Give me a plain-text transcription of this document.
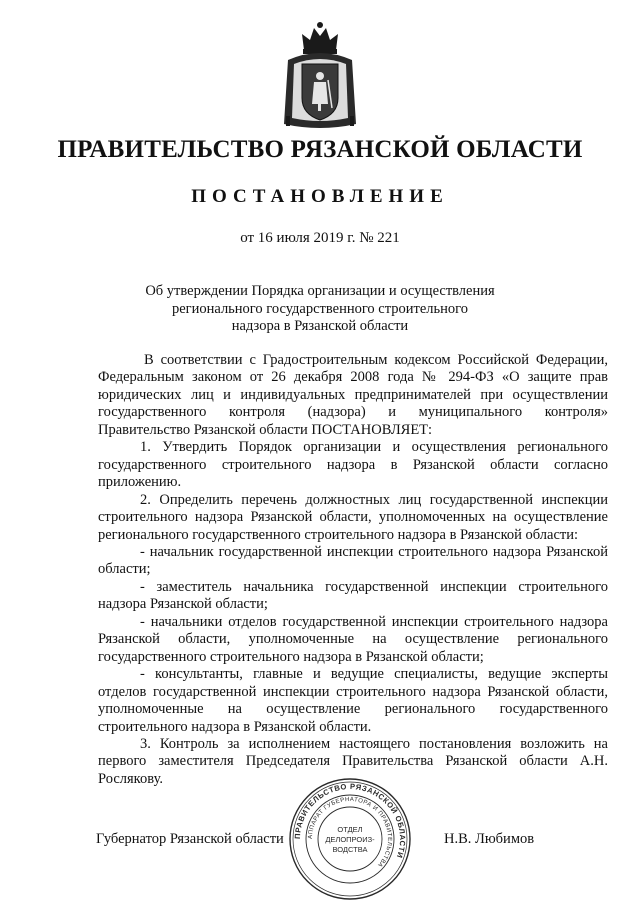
ПРАВИТЕЛЬСТВО РЯЗАНСКОЙ ОБЛАСТИ
ПОСТАНОВЛЕНИЕ
от 16 июля 2019 г. № 221
Об утверждении Порядка организации и осуществления
регионального государственного строительного
надзора в Рязанской области

В соответствии с Градостроительным кодексом Российской Федерации, Федеральным законом от 26 декабря 2008 года № 294-ФЗ «О защите прав юридических лиц и индивидуальных предпринимателей при осуществлении государственного контроля (надзора) и муниципального контроля» Правительство Рязанской области ПОСТАНОВЛЯЕТ:

1. Утвердить Порядок организации и осуществления регионального государственного строительного надзора в Рязанской области согласно приложению.

2. Определить перечень должностных лиц государственной инспекции строительного надзора Рязанской области, уполномоченных на осуществление регионального государственного строительного надзора в Рязанской области:

- начальник государственной инспекции строительного надзора Рязанской области;

- заместитель начальника государственной инспекции строительного надзора Рязанской области;

- начальники отделов государственной инспекции строительного надзора Рязанской области, уполномоченные на осуществление регионального государственного строительного надзора в Рязанской области;

- консультанты, главные и ведущие специалисты, ведущие эксперты отделов государственной инспекции строительного надзора Рязанской области, уполномоченные на осуществление регионального государственного строительного надзора в Рязанской области.

3. Контроль за исполнением настоящего постановления возложить на первого заместителя Председателя Правительства Рязанской области А.Н. Рослякову.

Губернатор Рязанской области	Н.В. Любимов
ПРАВИТЕЛЬСТВО РЯЗАНСКОЙ ОБЛАСТИ
АППАРАТ ГУБЕРНАТОРА И ПРАВИТЕЛЬСТВА
ОТДЕЛ
ДЕЛОПРОИЗ-
ВОДСТВА
